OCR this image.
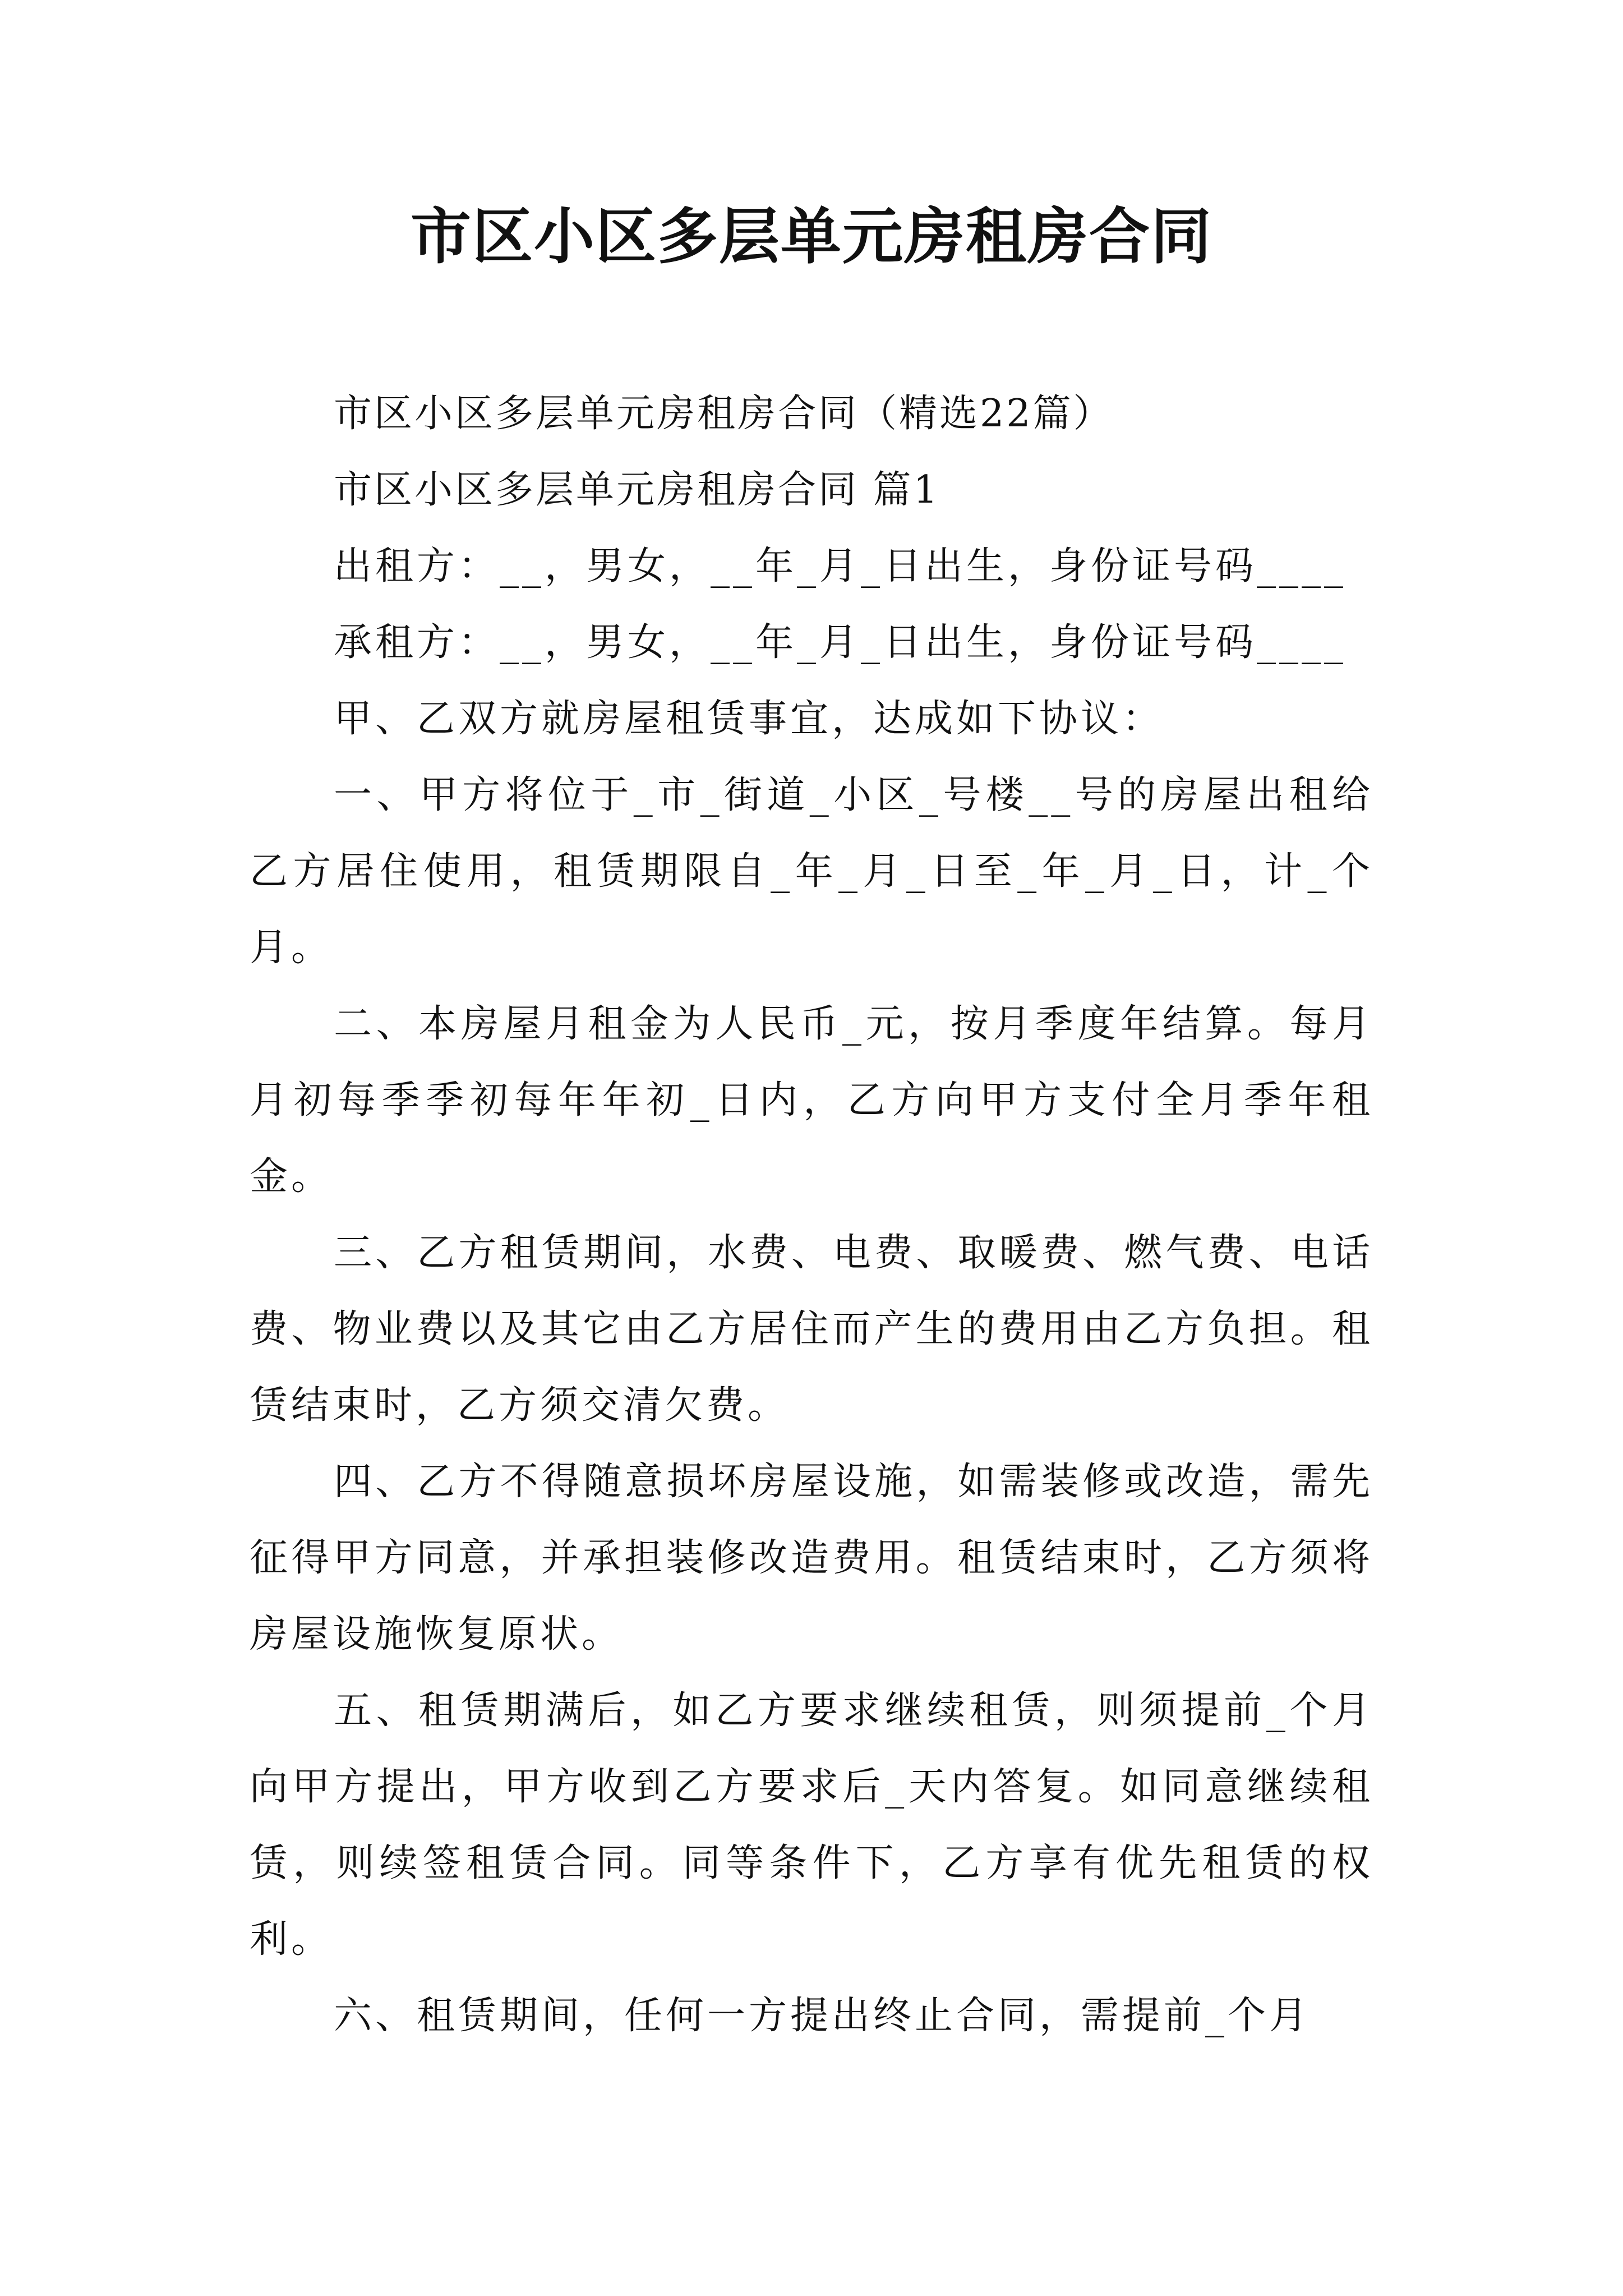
市区小区多层单元房租房合同

市区小区多层单元房租房合同（精选22篇）

市区小区多层单元房租房合同 篇1

出租方：__，男女，__年_月_日出生，身份证号码____

承租方：__，男女，__年_月_日出生，身份证号码____

甲、乙双方就房屋租赁事宜，达成如下协议：

一、甲方将位于_市_街道_小区_号楼__号的房屋出租给乙方居住使用，租赁期限自_年_月_日至_年_月_日，计_个月。

二、本房屋月租金为人民币_元，按月季度年结算。每月月初每季季初每年年初_日内，乙方向甲方支付全月季年租金。

三、乙方租赁期间，水费、电费、取暖费、燃气费、电话费、物业费以及其它由乙方居住而产生的费用由乙方负担。租赁结束时，乙方须交清欠费。

四、乙方不得随意损坏房屋设施，如需装修或改造，需先征得甲方同意，并承担装修改造费用。租赁结束时，乙方须将房屋设施恢复原状。

五、租赁期满后，如乙方要求继续租赁，则须提前_个月向甲方提出，甲方收到乙方要求后_天内答复。如同意继续租赁，则续签租赁合同。同等条件下，乙方享有优先租赁的权利。

六、租赁期间，任何一方提出终止合同，需提前_个月
